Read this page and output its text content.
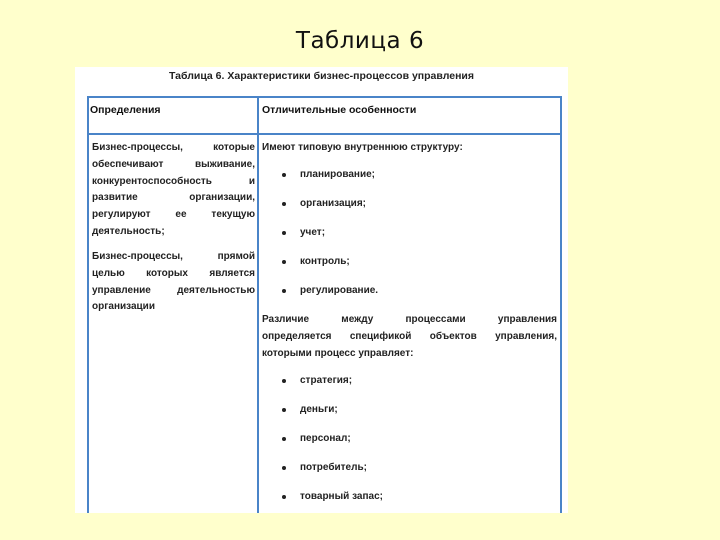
Таблица 6
Таблица 6. Характеристики бизнес-процессов управления
Определения	Отличительные особенности
Бизнес-процессы, которые
обеспечивают выживание,
конкурентоспособность и
развитие организации,
регулируют ее текущую
деятельность;
Бизнес-процессы, прямой
целью которых является
управление деятельностью
организации
Имеют типовую внутреннюю структуру:
планирование;
организация;
учет;
контроль;
регулирование.
Различие между процессами управления
определяется спецификой объектов управления,
которыми процесс управляет:
стратегия;
деньги;
персонал;
потребитель;
товарный запас;
